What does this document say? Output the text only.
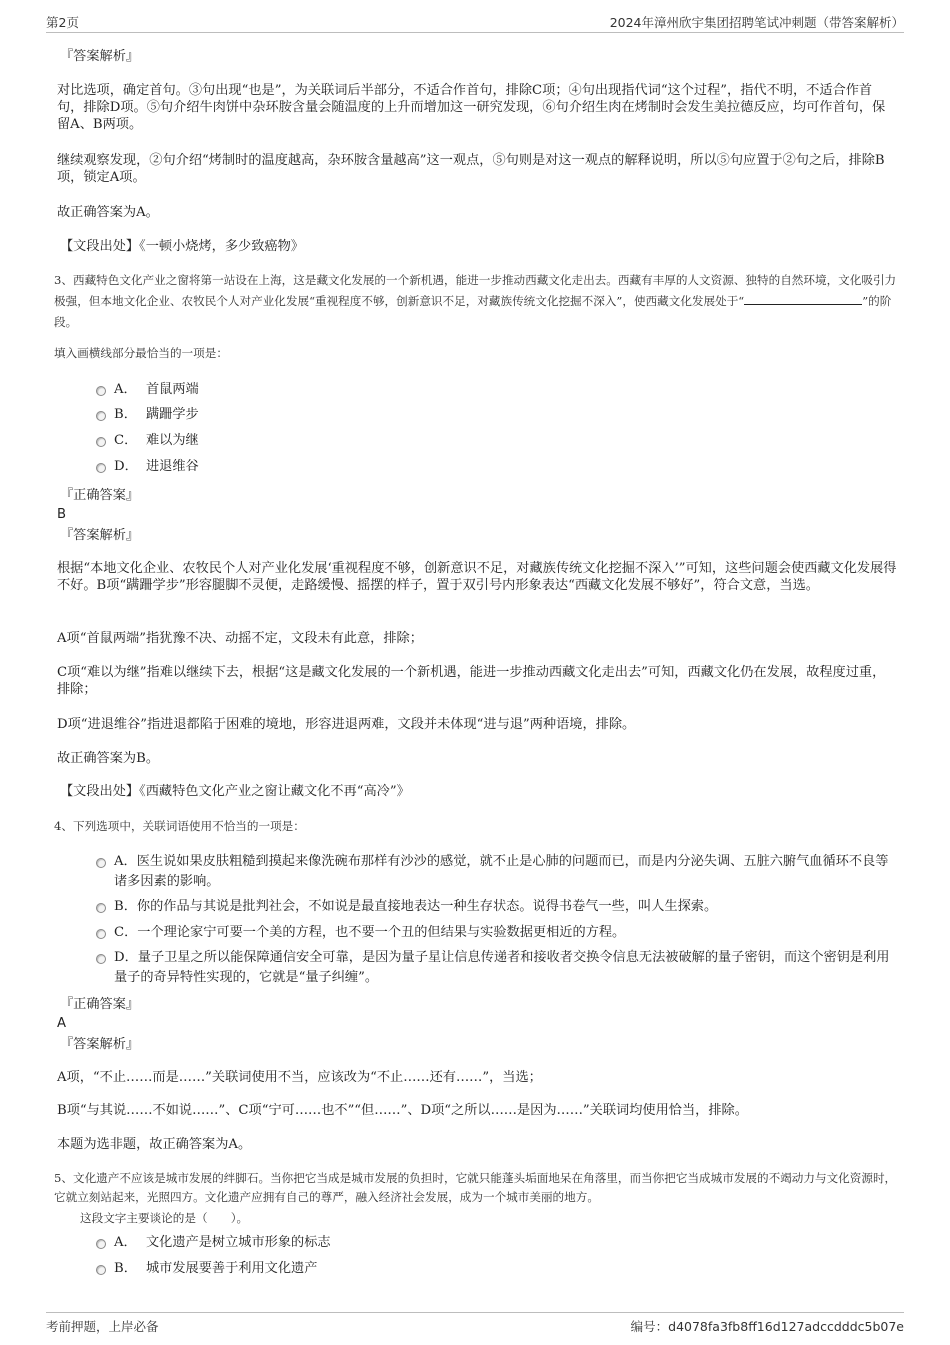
第2页	2024年漳州欣宇集团招聘笔试冲刺题（带答案解析）
『答案解析』
对比选项，确定首句。③句出现“也是”，为关联词后半部分，不适合作首句，排除C项；④句出现指代词“这个过程”，指代不明，不适合作首句，排除D项。⑤句介绍牛肉饼中杂环胺含量会随温度的上升而增加这一研究发现，⑥句介绍生肉在烤制时会发生美拉德反应，均可作首句，保留A、B两项。
继续观察发现，②句介绍“烤制时的温度越高，杂环胺含量越高”这一观点，⑤句则是对这一观点的解释说明，所以⑤句应置于②句之后，排除B项，锁定A项。
故正确答案为A。
【文段出处】《一顿小烧烤，多少致癌物》
3、西藏特色文化产业之窗将第一站设在上海，这是藏文化发展的一个新机遇，能进一步推动西藏文化走出去。西藏有丰厚的人文资源、独特的自然环境，文化吸引力极强，但本地文化企业、农牧民个人对产业化发展“重视程度不够，创新意识不足，对藏族传统文化挖掘不深入”，使西藏文化发展处于“	”的阶段。
填入画横线部分最恰当的一项是：
A． 首鼠两端
B． 蹒跚学步
C． 难以为继
D． 进退维谷
『正确答案』
B
『答案解析』
根据“本地文化企业、农牧民个人对产业化发展‘重视程度不够，创新意识不足，对藏族传统文化挖掘不深入’”可知，这些问题会使西藏文化发展得不好。B项“蹒跚学步”形容腿脚不灵便，走路缓慢、摇摆的样子，置于双引号内形象表达“西藏文化发展不够好”，符合文意，当选。
A项“首鼠两端”指犹豫不决、动摇不定，文段未有此意，排除；
C项“难以为继”指难以继续下去，根据“这是藏文化发展的一个新机遇，能进一步推动西藏文化走出去”可知，西藏文化仍在发展，故程度过重，排除；
D项“进退维谷”指进退都陷于困难的境地，形容进退两难，文段并未体现“进与退”两种语境，排除。
故正确答案为B。
【文段出处】《西藏特色文化产业之窗让藏文化不再“高冷”》
4、下列选项中，关联词语使用不恰当的一项是：
A．医生说如果皮肤粗糙到摸起来像洗碗布那样有沙沙的感觉，就不止是心肺的问题而已，而是内分泌失调、五脏六腑气血循环不良等诸多因素的影响。
B．你的作品与其说是批判社会，不如说是最直接地表达一种生存状态。说得书卷气一些，叫人生探索。
C．一个理论家宁可要一个美的方程，也不要一个丑的但结果与实验数据更相近的方程。
D．量子卫星之所以能保障通信安全可靠，是因为量子星让信息传递者和接收者交换令信息无法被破解的量子密钥，而这个密钥是利用量子的奇异特性实现的，它就是“量子纠缠”。
『正确答案』
A
『答案解析』
A项，“不止……而是……”关联词使用不当，应该改为“不止……还有……”，当选；
B项“与其说……不如说……”、C项“宁可……也不”“但……”、D项“之所以……是因为……”关联词均使用恰当，排除。
本题为选非题，故正确答案为A。
5、文化遗产不应该是城市发展的绊脚石。当你把它当成是城市发展的负担时，它就只能蓬头垢面地呆在角落里，而当你把它当成城市发展的不竭动力与文化资源时，它就立刻站起来，光照四方。文化遗产应拥有自己的尊严，融入经济社会发展，成为一个城市美丽的地方。
这段文字主要谈论的是（　　）。
A． 文化遗产是树立城市形象的标志
B． 城市发展要善于利用文化遗产
考前押题，上岸必备	编号：d4078fa3fb8ff16d127adccdddc5b07e
